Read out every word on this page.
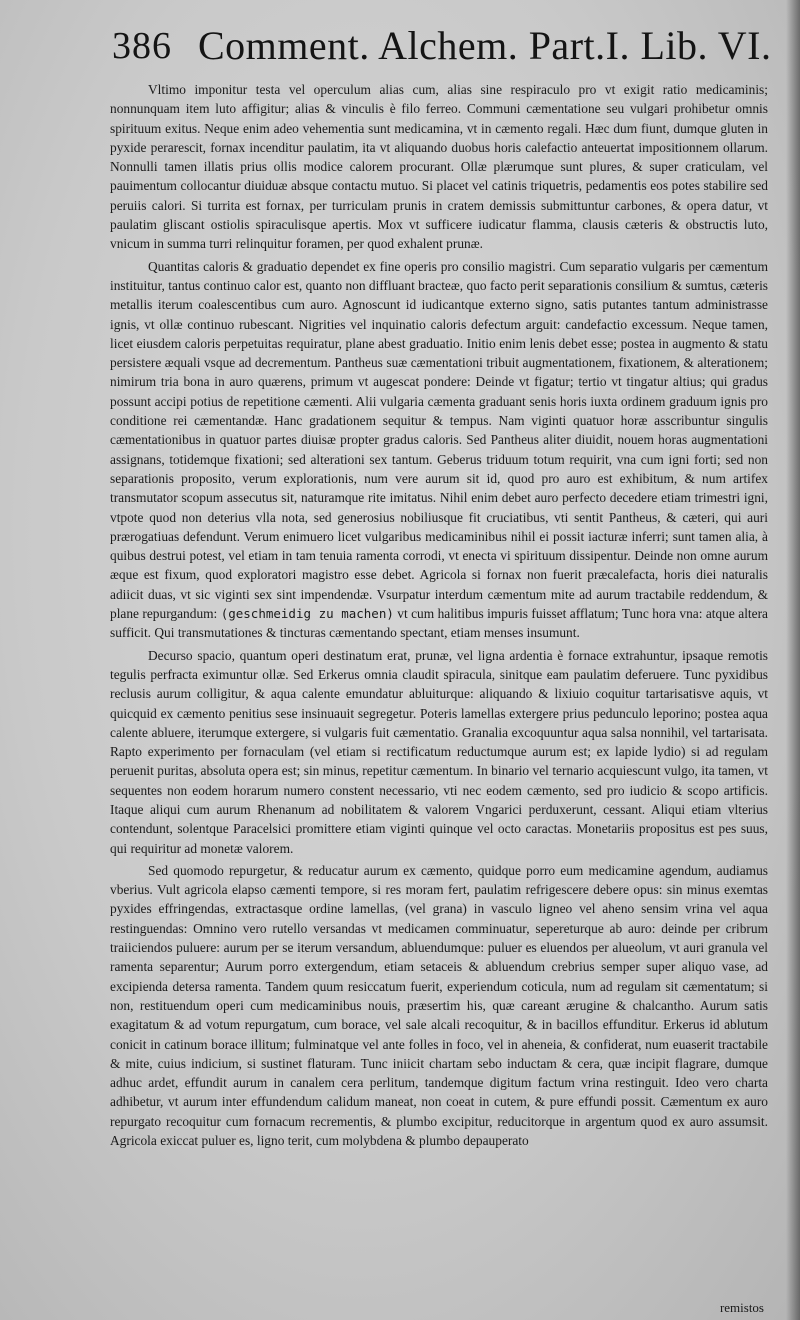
386 Comment. Alchem. Part.I. Lib. VI.

Vltimo imponitur testa vel operculum alias cum, alias sine respiraculo pro vt exigit ratio medicaminis; nonnunquam item luto affigitur; alias & vinculis è filo ferreo. Communi cæmentatione seu vulgari prohibetur omnis spirituum exitus. Neque enim adeo vehementia sunt medicamina, vt in cæmento regali. Hæc dum fiunt, dumque gluten in pyxide perarescit, fornax incenditur paulatim, ita vt aliquando duobus horis calefactio anteuertat impositionnem ollarum. Nonnulli tamen illatis prius ollis modice calorem procurant. Ollæ plærumque sunt plures, & super craticulam, vel pauimentum collocantur diuiduæ absque contactu mutuo. Si placet vel catinis triquetris, pedamentis eos potes stabilire sed peruiis calori. Si turrita est fornax, per turriculam prunis in cratem demissis submittuntur carbones, & opera datur, vt paulatim gliscant ostiolis spiraculisque apertis. Mox vt sufficere iudicatur flamma, clausis cæteris & obstructis luto, vnicum in summa turri relinquitur foramen, per quod exhalent prunæ.

Quantitas caloris & graduatio dependet ex fine operis pro consilio magistri. Cum separatio vulgaris per cæmentum instituitur, tantus continuo calor est, quanto non diffluant bracteæ, quo facto perit separationis consilium & sumtus, cæteris metallis iterum coalescentibus cum auro. Agnoscunt id iudicantque externo signo, satis putantes tantum administrasse ignis, vt ollæ continuo rubescant. Nigrities vel inquinatio caloris defectum arguit: candefactio excessum. Neque tamen, licet eiusdem caloris perpetuitas requiratur, plane abest graduatio. Initio enim lenis debet esse; postea in augmento & statu persistere æquali vsque ad decrementum. Pantheus suæ cæmentationi tribuit augmentationem, fixationem, & alterationem; nimirum tria bona in auro quærens, primum vt augescat pondere: Deinde vt figatur; tertio vt tingatur altius; qui gradus possunt accipi potius de repetitione cæmenti. Alii vulgaria cæmenta graduant senis horis iuxta ordinem graduum ignis pro conditione rei cæmentandæ. Hanc gradationem sequitur & tempus. Nam viginti quatuor horæ asscribuntur singulis cæmentationibus in quatuor partes diuisæ propter gradus caloris. Sed Pantheus aliter diuidit, nouem horas augmentationi assignans, totidemque fixationi; sed alterationi sex tantum. Geberus triduum totum requirit, vna cum igni forti; sed non separationis proposito, verum explorationis, num vere aurum sit id, quod pro auro est exhibitum, & num artifex transmutator scopum assecutus sit, naturamque rite imitatus. Nihil enim debet auro perfecto decedere etiam trimestri igni, vtpote quod non deterius vlla nota, sed generosius nobiliusque fit cruciatibus, vti sentit Pantheus, & cæteri, qui auri prærogatiuas defendunt. Verum enimuero licet vulgaribus medicaminibus nihil ei possit iacturæ inferri; sunt tamen alia, à quibus destrui potest, vel etiam in tam tenuia ramenta corrodi, vt enecta vi spirituum dissipentur. Deinde non omne aurum æque est fixum, quod exploratori magistro esse debet. Agricola si fornax non fuerit præcalefacta, horis diei naturalis adiicit duas, vt sic viginti sex sint impendendæ. Vsurpatur interdum cæmentum mite ad aurum tractabile reddendum, & plane repurgandum: (geschmeidig zu machen) vt cum halitibus impuris fuisset afflatum; Tunc hora vna: atque altera sufficit. Qui transmutationes & tincturas cæmentando spectant, etiam menses insumunt.

Decurso spacio, quantum operi destinatum erat, prunæ, vel ligna ardentia è fornace extrahuntur, ipsaque remotis tegulis perfracta eximuntur ollæ. Sed Erkerus omnia claudit spiracula, sinitque eam paulatim deferuere. Tunc pyxidibus reclusis aurum colligitur, & aqua calente emundatur abluiturque: aliquando & lixiuio coquitur tartarisatisve aquis, vt quicquid ex cæmento penitius sese insinuauit segregetur. Poteris lamellas extergere prius pedunculo leporino; postea aqua calente abluere, iterumque extergere, si vulgaris fuit cæmentatio. Granalia excoquuntur aqua salsa nonnihil, vel tartarisata. Rapto experimento per fornaculam (vel etiam si rectificatum reductumque aurum est; ex lapide lydio) si ad regulam peruenit puritas, absoluta opera est; sin minus, repetitur cæmentum. In binario vel ternario acquiescunt vulgo, ita tamen, vt sequentes non eodem horarum numero constent necessario, vti nec eodem cæmento, sed pro iudicio & scopo artificis. Itaque aliqui cum aurum Rhenanum ad nobilitatem & valorem Vngarici perduxerunt, cessant. Aliqui etiam vlterius contendunt, solentque Paracelsici promittere etiam viginti quinque vel octo caractas. Monetariis propositus est pes suus, qui requiritur ad monetæ valorem.

Sed quomodo repurgetur, & reducatur aurum ex cæmento, quidque porro eum medicamine agendum, audiamus vberius. Vult agricola elapso cæmenti tempore, si res moram fert, paulatim refrigescere debere opus: sin minus exemtas pyxides effringendas, extractasque ordine lamellas, (vel grana) in vasculo ligneo vel aheno sensim vrina vel aqua restinguendas: Omnino vero rutello versandas vt medicamen comminuatur, sepereturque ab auro: deinde per cribrum traiiciendos puluere: aurum per se iterum versandum, abluendumque: puluer es eluendos per alueolum, vt auri granula vel ramenta separentur; Aurum porro extergendum, etiam setaceis & abluendum crebrius semper super aliquo vase, ad excipienda detersa ramenta. Tandem quum resiccatum fuerit, experiendum coticula, num ad regulam sit cæmentatum; si non, restituendum operi cum medicaminibus nouis, præsertim his, quæ careant ærugine & chalcantho. Aurum satis exagitatum & ad votum repurgatum, cum borace, vel sale alcali recoquitur, & in bacillos effunditur. Erkerus id ablutum conicit in catinum borace illitum; fulminatque vel ante folles in foco, vel in aheneia, & confiderat, num euaserit tractabile & mite, cuius indicium, si sustinet flaturam. Tunc iniicit chartam sebo inductam & cera, quæ incipit flagrare, dumque adhuc ardet, effundit aurum in canalem cera perlitum, tandemque digitum factum vrina restinguit. Ideo vero charta adhibetur, vt aurum inter effundendum calidum maneat, non coeat in cutem, & pure effundi possit. Cæmentum ex auro repurgato recoquitur cum fornacum recrementis, & plumbo excipitur, reducitorque in argentum quod ex auro assumsit. Agricola exiccat puluer es, ligno terit, cum molybdena & plumbo depauperato

remistos
